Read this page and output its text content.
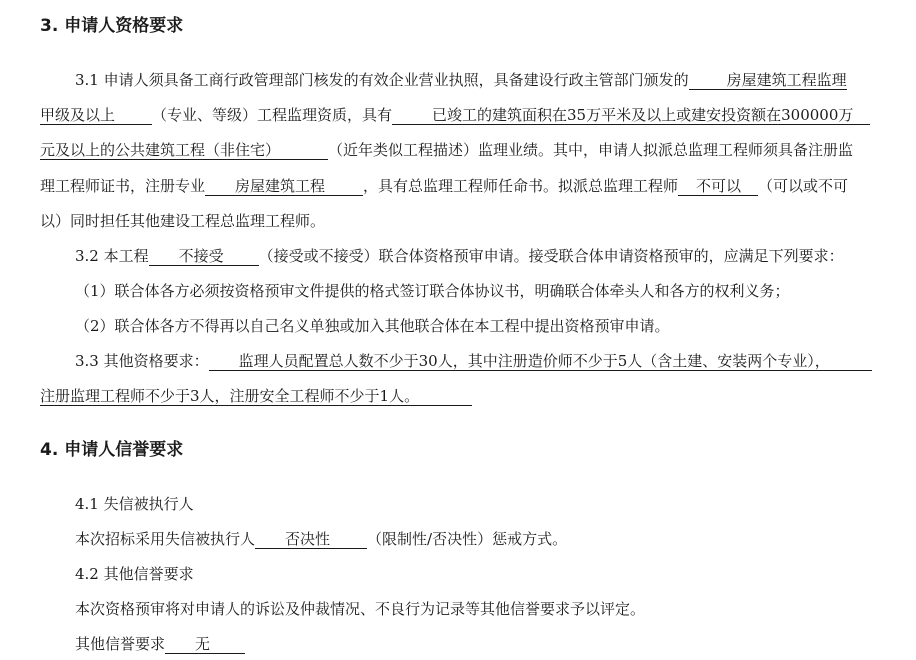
3. 申请人资格要求
3.1 申请人须具备工商行政管理部门核发的有效企业营业执照，具备建设行政主管部门颁发的	房屋建筑工程监理
甲级及以上 （专业、等级）工程监理资质，具有	已竣工的建筑面积在35万平米及以上或建安投资额在300000万
元及以上的公共建筑工程（非住宅）	（近年类似工程描述）监理业绩。其中，申请人拟派总监理工程师须具备注册监
理工程师证书，注册专业 房屋建筑工程	，具有总监理工程师任命书。拟派总监理工程师 不可以 （可以或不可
以）同时担任其他建设工程总监理工程师。
3.2 本工程 不接受 （接受或不接受）联合体资格预审申请。接受联合体申请资格预审的，应满足下列要求：
（1）联合体各方必须按资格预审文件提供的格式签订联合体协议书，明确联合体牵头人和各方的权利义务；
（2）联合体各方不得再以自己名义单独或加入其他联合体在本工程中提出资格预审申请。
3.3 其他资格要求： 监理人员配置总人数不少于30人，其中注册造价师不少于5人（含土建、安装两个专业），
注册监理工程师不少于3人，注册安全工程师不少于1人。
4. 申请人信誉要求
4.1 失信被执行人
本次招标采用失信被执行人 否决性 （限制性/否决性）惩戒方式。
4.2 其他信誉要求
本次资格预审将对申请人的诉讼及仲裁情况、不良行为记录等其他信誉要求予以评定。
其他信誉要求 无
